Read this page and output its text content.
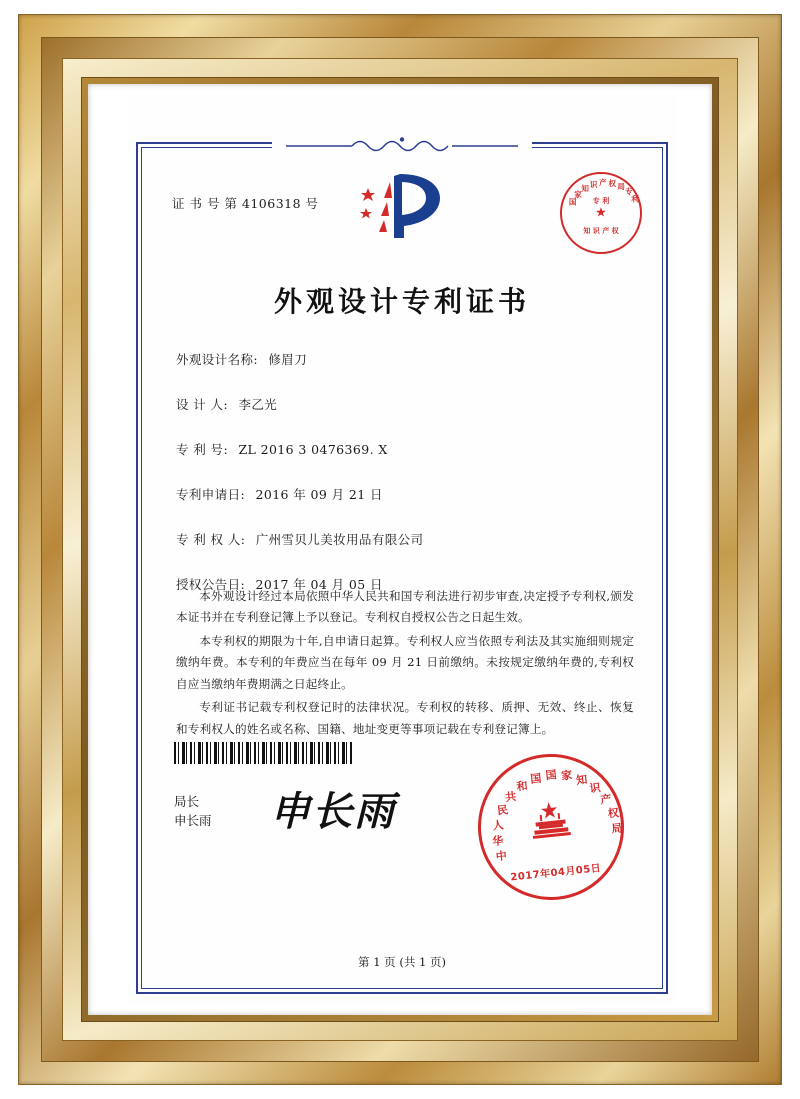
证 书 号 第 4106318 号	国
家
知 识 产 权 局
专
利
专 利
★
知 识 产 权
外观设计专利证书
外观设计名称: 修眉刀
设 计 人: 李乙光
专 利 号: ZL 2016 3 0476369. X
专利申请日: 2016 年 09 月 21 日
专 利 权 人: 广州雪贝儿美妆用品有限公司
授权公告日: 2017 年 04 月 05 日

本外观设计经过本局依照中华人民共和国专利法进行初步审查,决定授予专利权,颁发本证书并在专利登记簿上予以登记。专利权自授权公告之日起生效。

本专利权的期限为十年,自申请日起算。专利权人应当依照专利法及其实施细则规定缴纳年费。本专利的年费应当在每年 09 月 21 日前缴纳。未按规定缴纳年费的,专利权自应当缴纳年费期满之日起终止。

专利证书记载专利权登记时的法律状况。专利权的转移、质押、无效、终止、恢复和专利权人的姓名或名称、国籍、地址变更等事项记载在专利登记簿上。

局长
申长雨 申长雨
中
华
人
民
共
和
国 国 家 知
识
产
权
局
2017年04月05日
第 1 页 (共 1 页)
